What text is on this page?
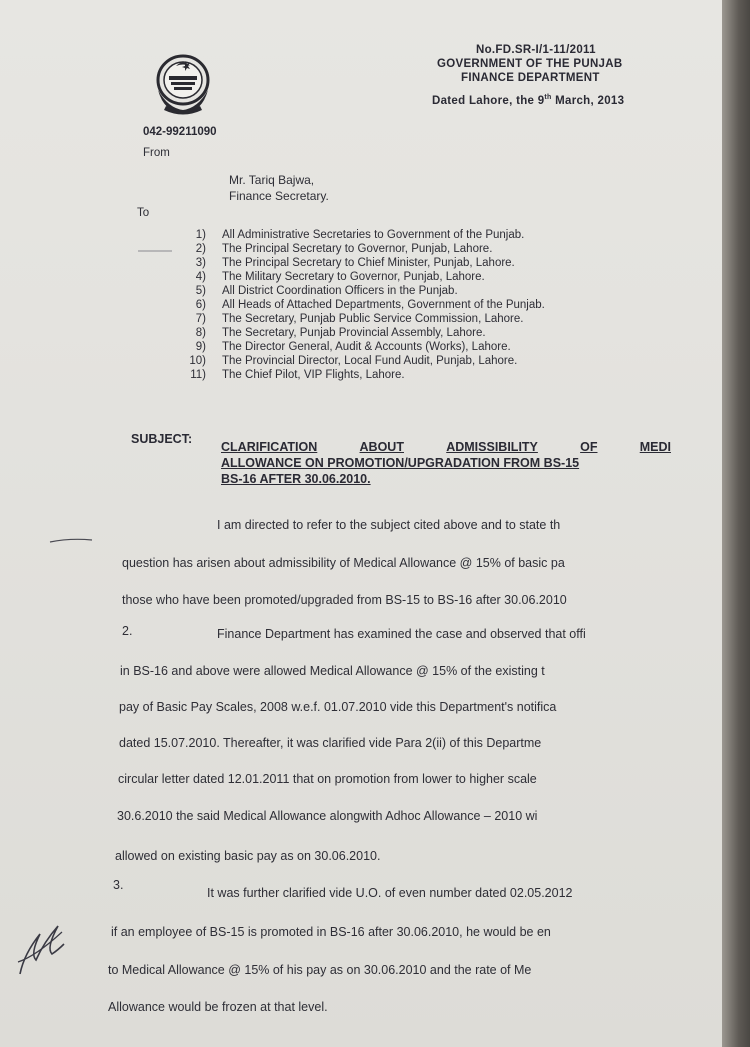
No.FD.SR-I/1-11/2011
GOVERNMENT OF THE PUNJAB
FINANCE DEPARTMENT
Dated Lahore, the 9th March, 2013
042-99211090
From
Mr. Tariq Bajwa,
Finance Secretary.
To
1) All Administrative Secretaries to Government of the Punjab.
2) The Principal Secretary to Governor, Punjab, Lahore.
3) The Principal Secretary to Chief Minister, Punjab, Lahore.
4) The Military Secretary to Governor, Punjab, Lahore.
5) All District Coordination Officers in the Punjab.
6) All Heads of Attached Departments, Government of the Punjab.
7) The Secretary, Punjab Public Service Commission, Lahore.
8) The Secretary, Punjab Provincial Assembly, Lahore.
9) The Director General, Audit & Accounts (Works), Lahore.
10) The Provincial Director, Local Fund Audit, Punjab, Lahore.
11) The Chief Pilot, VIP Flights, Lahore.
SUBJECT:
CLARIFICATION	ABOUT	ADMISSIBILITY	OF	MEDI
ALLOWANCE ON PROMOTION/UPGRADATION FROM BS-15
BS-16 AFTER 30.06.2010.
I am directed to refer to the subject cited above and to state th
question has arisen about admissibility of Medical Allowance @ 15% of basic pa
those who have been promoted/upgraded from BS-15 to BS-16 after 30.06.2010
2.	Finance Department has examined the case and observed that offi
in BS-16 and above were allowed Medical Allowance @ 15% of the existing t
pay of Basic Pay Scales, 2008 w.e.f. 01.07.2010 vide this Department's notifica
dated 15.07.2010. Thereafter, it was clarified vide Para 2(ii) of this Departme
circular letter dated 12.01.2011 that on promotion from lower to higher scale
30.6.2010 the said Medical Allowance alongwith Adhoc Allowance – 2010 wi
allowed on existing basic pay as on 30.06.2010.
3.
It was further clarified vide U.O. of even number dated 02.05.2012
if an employee of BS-15 is promoted in BS-16 after 30.06.2010, he would be en
to Medical Allowance @ 15% of his pay as on 30.06.2010 and the rate of Me
Allowance would be frozen at that level.
